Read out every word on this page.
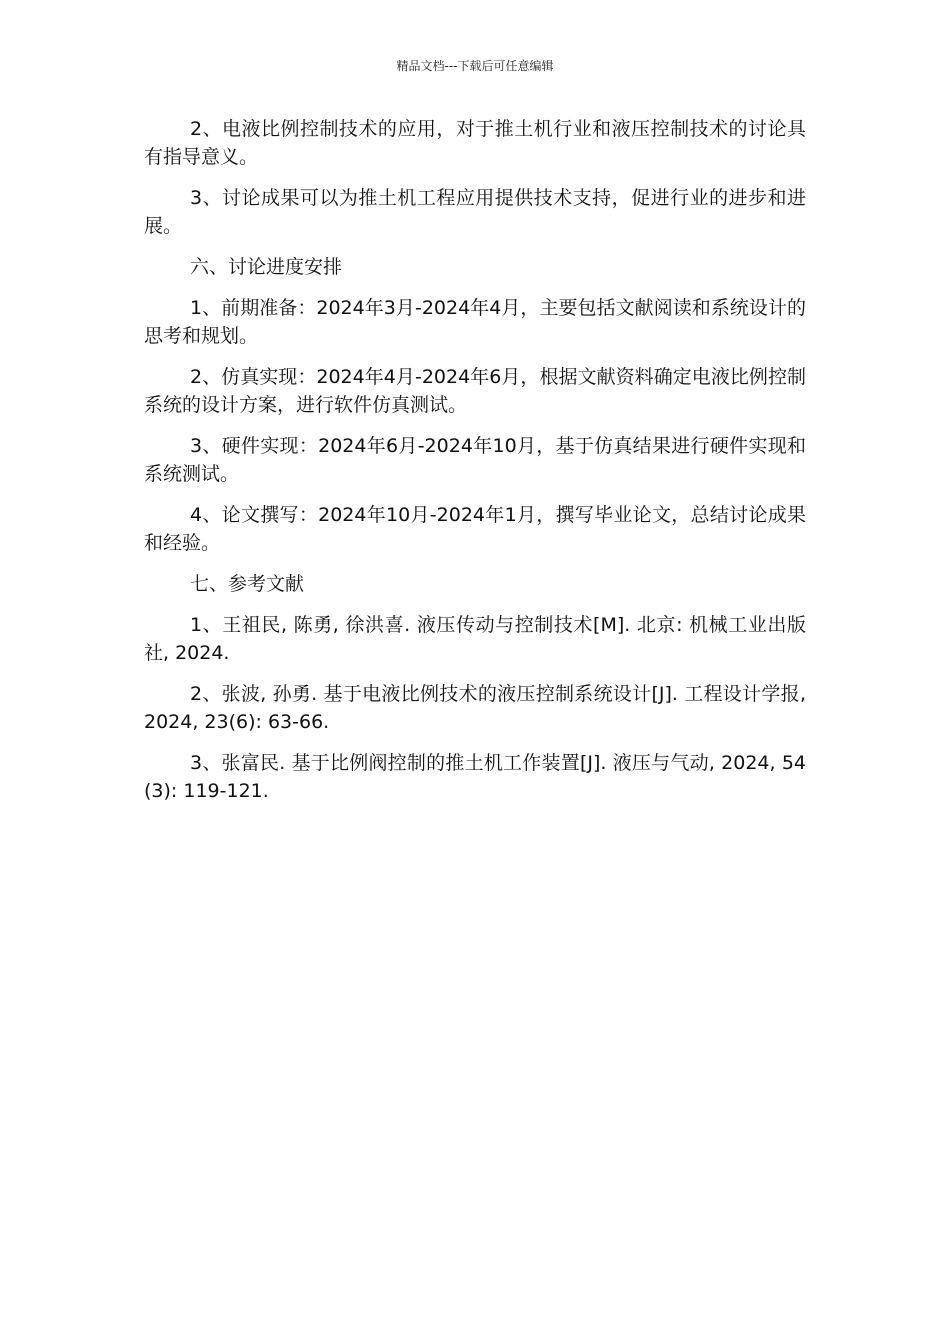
精品文档---下载后可任意编辑

2、电液比例控制技术的应用，对于推土机行业和液压控制技术的讨论具有指导意义。

3、讨论成果可以为推土机工程应用提供技术支持，促进行业的进步和进展。

六、讨论进度安排

1、前期准备：2024年3月-2024年4月，主要包括文献阅读和系统设计的思考和规划。

2、仿真实现：2024年4月-2024年6月，根据文献资料确定电液比例控制系统的设计方案，进行软件仿真测试。

3、硬件实现：2024年6月-2024年10月，基于仿真结果进行硬件实现和系统测试。

4、论文撰写：2024年10月-2024年1月，撰写毕业论文，总结讨论成果和经验。

七、参考文献

1、王祖民, 陈勇, 徐洪喜. 液压传动与控制技术[M]. 北京: 机械工业出版社, 2024.

2、张波, 孙勇. 基于电液比例技术的液压控制系统设计[J]. 工程设计学报, 2024, 23(6): 63-66.

3、张富民. 基于比例阀控制的推土机工作装置[J]. 液压与气动, 2024, 54(3): 119-121.
